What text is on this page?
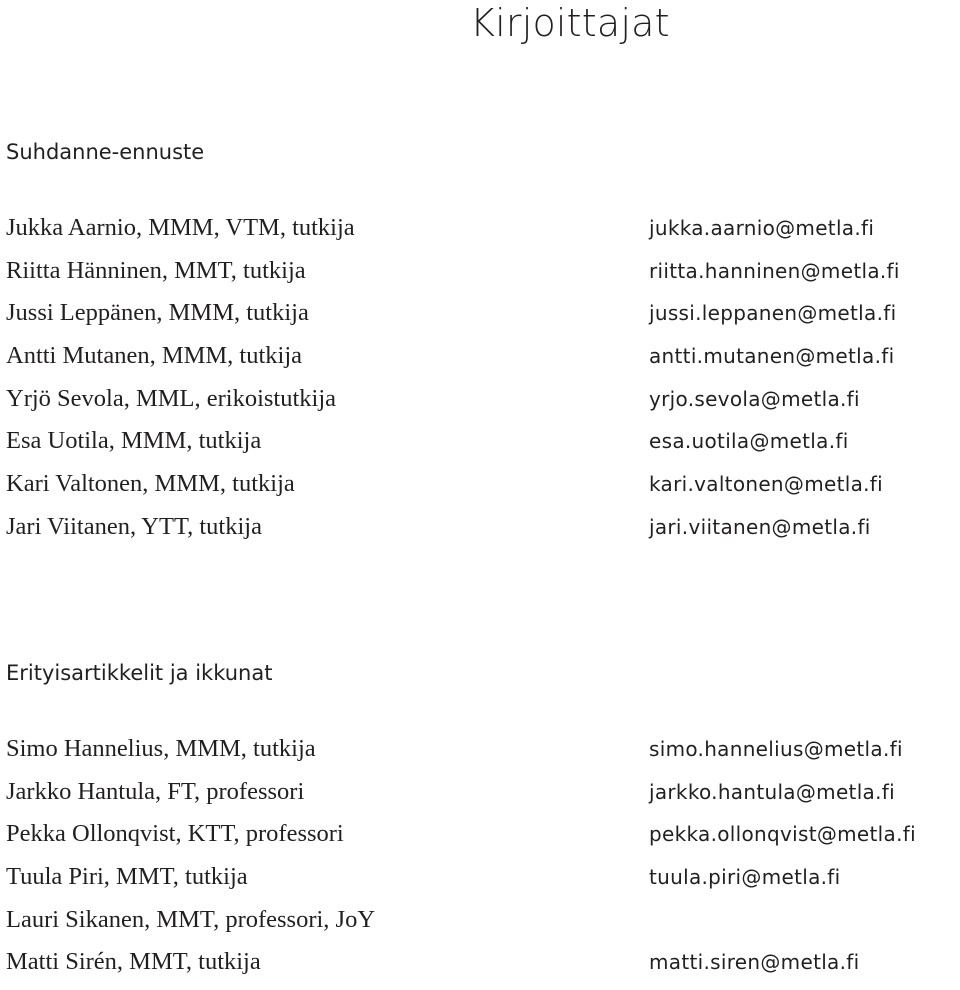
Kirjoittajat
Suhdanne-ennuste
Jukka Aarnio, MMM, VTM, tutkija	jukka.aarnio@metla.fi
Riitta Hänninen, MMT, tutkija	riitta.hanninen@metla.fi
Jussi Leppänen, MMM, tutkija	jussi.leppanen@metla.fi
Antti Mutanen, MMM, tutkija	antti.mutanen@metla.fi
Yrjö Sevola, MML, erikoistutkija	yrjo.sevola@metla.fi
Esa Uotila, MMM, tutkija	esa.uotila@metla.fi
Kari Valtonen, MMM, tutkija	kari.valtonen@metla.fi
Jari Viitanen, YTT, tutkija	jari.viitanen@metla.fi
Erityisartikkelit ja ikkunat
Simo Hannelius, MMM, tutkija	simo.hannelius@metla.fi
Jarkko Hantula, FT, professori	jarkko.hantula@metla.fi
Pekka Ollonqvist, KTT, professori	pekka.ollonqvist@metla.fi
Tuula Piri, MMT, tutkija	tuula.piri@metla.fi
Lauri Sikanen, MMT, professori, JoY
Matti Sirén, MMT, tutkija	matti.siren@metla.fi
